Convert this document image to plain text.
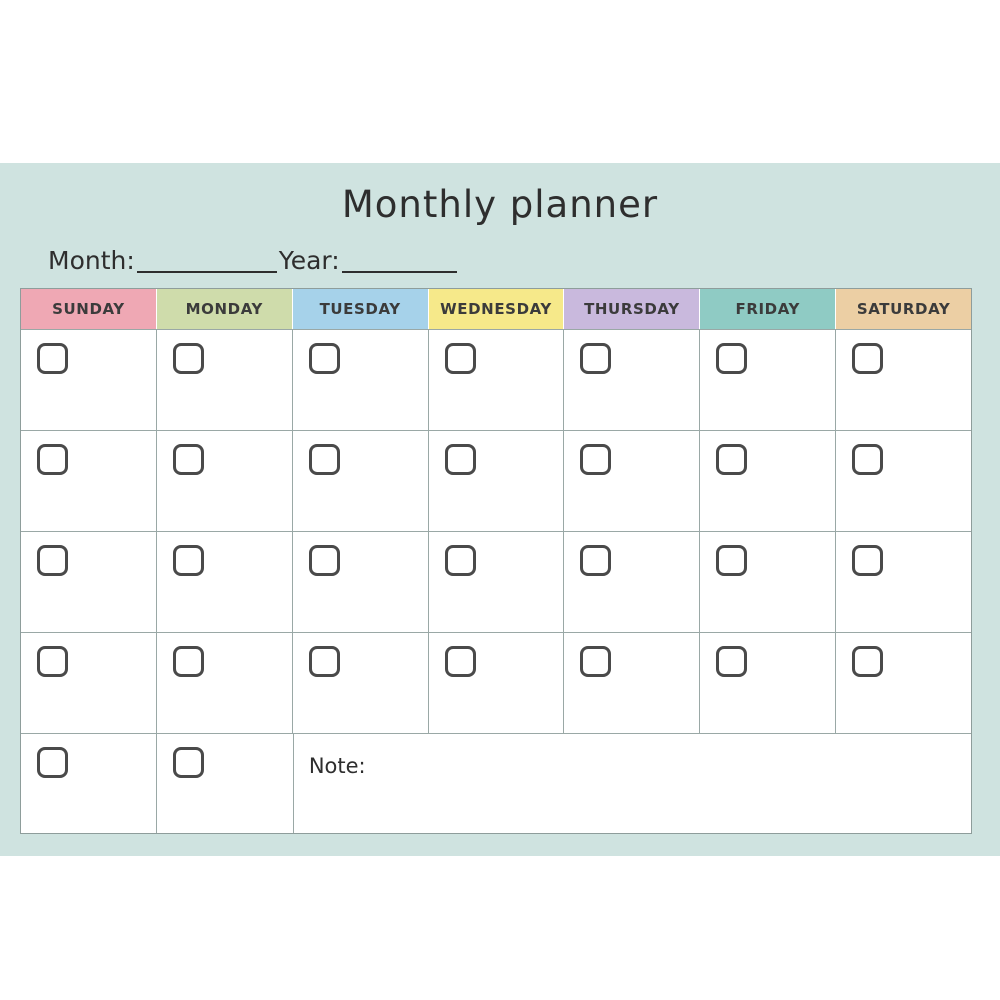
Monthly planner
Month:	Year:
SUNDAY	MONDAY	TUESDAY	WEDNESDAY	THURSDAY	FRIDAY	SATURDAY
Note:
